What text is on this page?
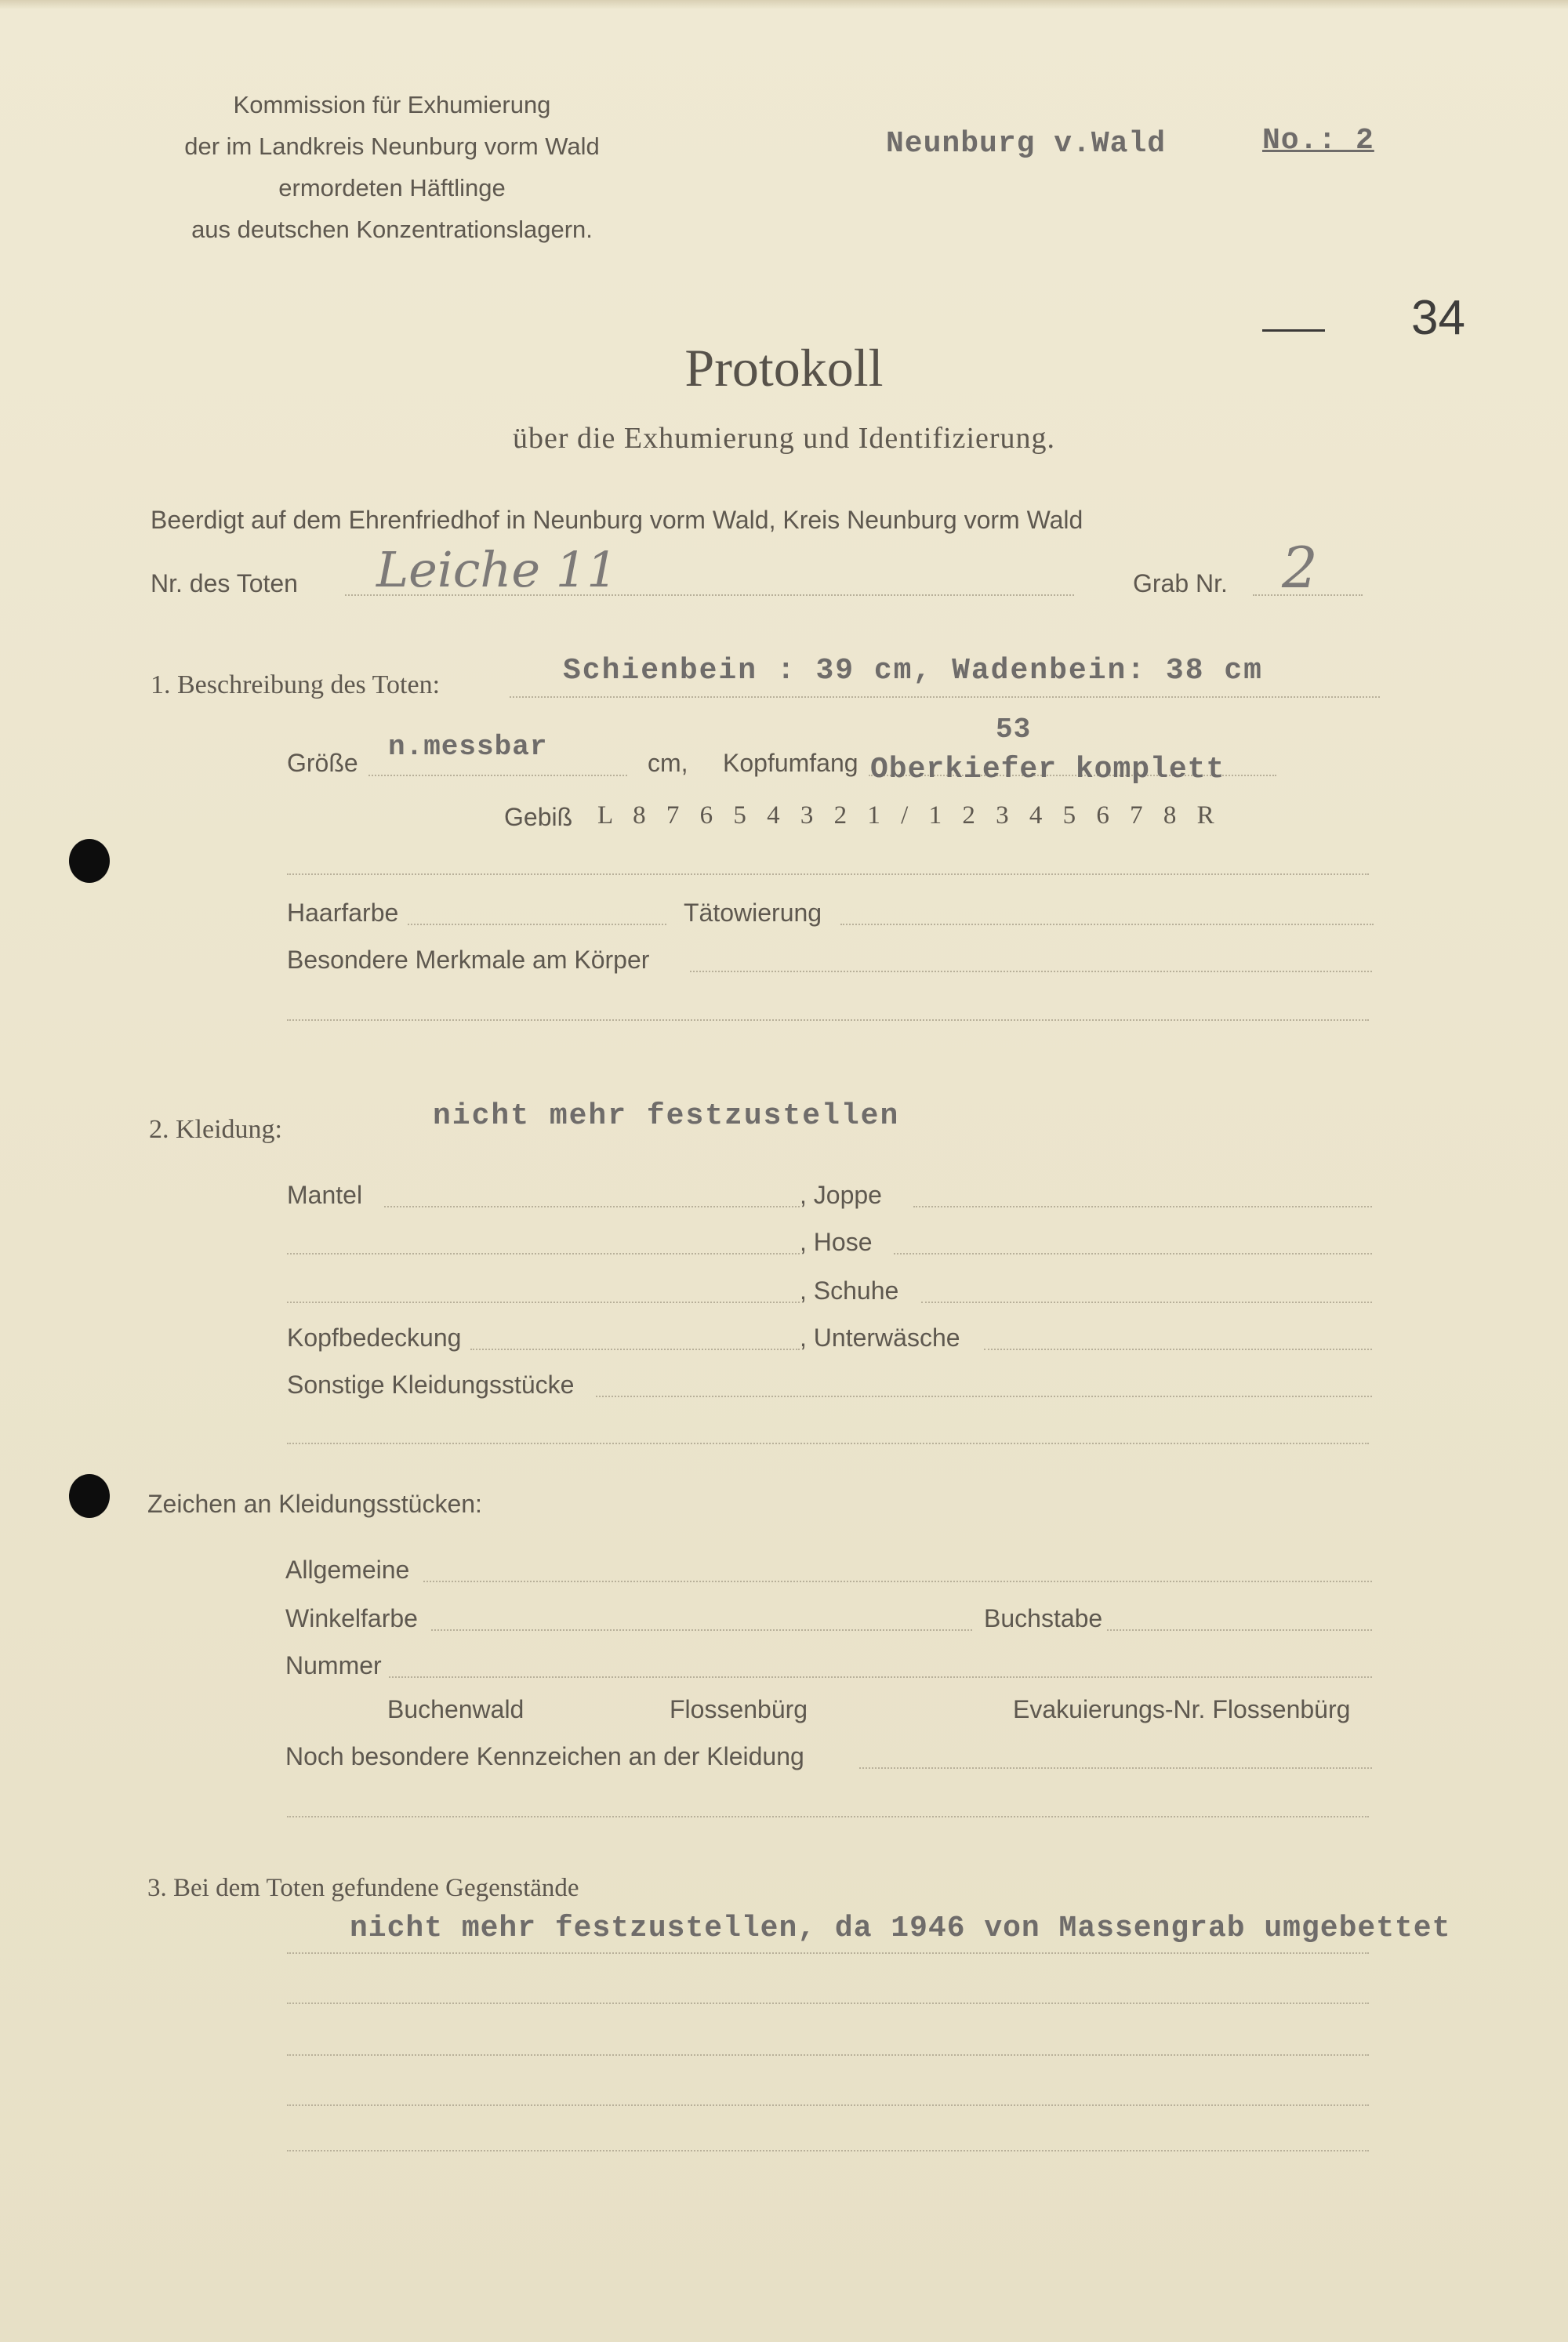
Kommission für Exhumierung
der im Landkreis Neunburg vorm Wald
ermordeten Häftlinge
aus deutschen Konzentrationslagern.
Neunburg v.Wald	No.: 2
34
Protokoll
über die Exhumierung und Identifizierung.
Beerdigt auf dem Ehrenfriedhof in Neunburg vorm Wald, Kreis Neunburg vorm Wald
Nr. des Toten Leiche 11	Grab Nr. 2
1. Beschreibung des Toten:	Schienbein : 39 cm, Wadenbein: 38 cm
Größe n.messbar	cm, Kopfumfang
53
Oberkiefer komplett
Gebiß L 8 7 6 5 4 3 2 1 / 1 2 3 4 5 6 7 8 R
Haarfarbe	Tätowierung
Besondere Merkmale am Körper
2. Kleidung:	nicht mehr festzustellen
Mantel	, Joppe
, Hose
, Schuhe
Kopfbedeckung	, Unterwäsche
Sonstige Kleidungsstücke
Zeichen an Kleidungsstücken:
Allgemeine
Winkelfarbe	Buchstabe
Nummer
Buchenwald	Flossenbürg	Evakuierungs-Nr. Flossenbürg
Noch besondere Kennzeichen an der Kleidung
3. Bei dem Toten gefundene Gegenstände
nicht mehr festzustellen, da 1946 von Massengrab umgebettet
